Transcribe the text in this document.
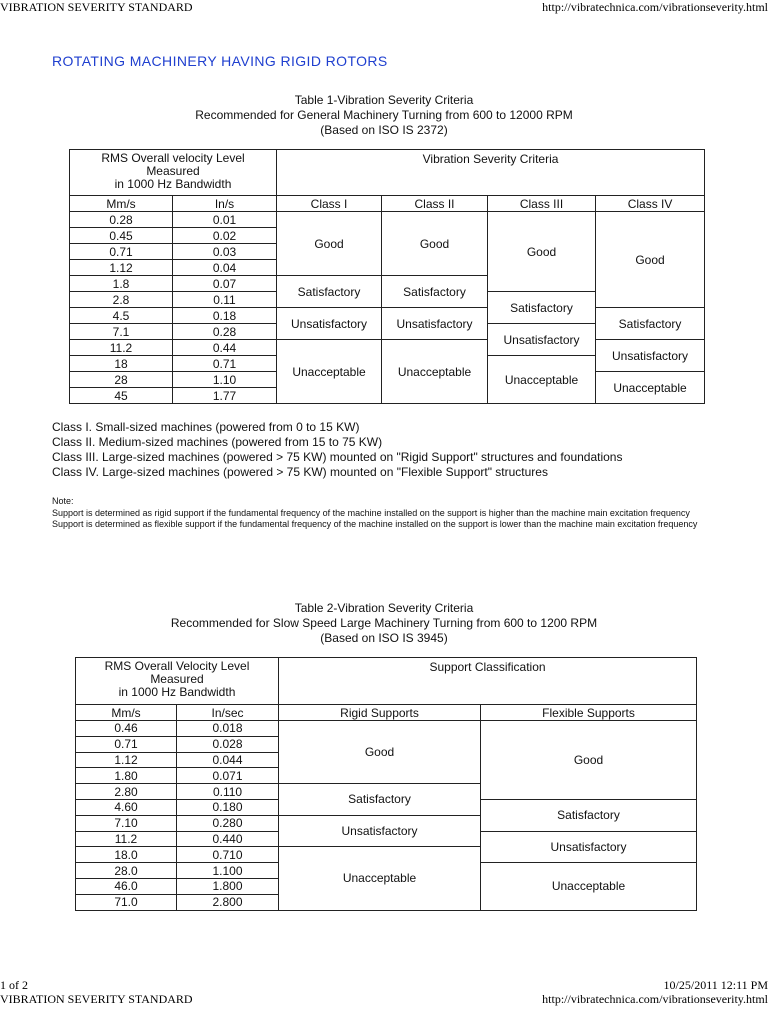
VIBRATION SEVERITY STANDARD	http://vibratechnica.com/vibrationseverity.html
ROTATING MACHINERY HAVING RIGID ROTORS
Table 1-Vibration Severity Criteria
Recommended for General Machinery Turning from 600 to 12000 RPM
(Based on ISO IS 2372)
RMS Overall velocity Level
Measured
in 1000 Hz Bandwidth		Vibration Severity Criteria			
Mm/s	In/s	Class I	Class II	Class III	Class IV
0.28	0.01	Good	Good	Good	Good
0.45	0.02				
0.71	0.03				
1.12	0.04				
1.8	0.07	Satisfactory	Satisfactory		
2.8	0.11			Satisfactory	
4.5	0.18	Unsatisfactory	Unsatisfactory		Satisfactory
7.1	0.28			Unsatisfactory	
11.2	0.44	Unacceptable	Unacceptable		Unsatisfactory
18	0.71			Unacceptable	
28	1.10				Unacceptable
45	1.77				
Class I. Small-sized machines (powered from 0 to 15 KW)
Class II. Medium-sized machines (powered from 15 to 75 KW)
Class III. Large-sized machines (powered > 75 KW) mounted on "Rigid Support" structures and foundations
Class IV. Large-sized machines (powered > 75 KW) mounted on "Flexible Support" structures
Note:
Support is determined as rigid support if the fundamental frequency of the machine installed on the support is higher than the machine main excitation frequency
Support is determined as flexible support if the fundamental frequency of the machine installed on the support is lower than the machine main excitation frequency
Table 2-Vibration Severity Criteria
Recommended for Slow Speed Large Machinery Turning from 600 to 1200 RPM
(Based on ISO IS 3945)
RMS Overall Velocity Level
Measured
in 1000 Hz Bandwidth		Support Classification	
Mm/s	In/sec	Rigid Supports	Flexible Supports
0.46	0.018	Good	Good
0.71	0.028		
1.12	0.044		
1.80	0.071		
2.80	0.110	Satisfactory	
4.60	0.180		Satisfactory
7.10	0.280	Unsatisfactory	
11.2	0.440		Unsatisfactory
18.0	0.710	Unacceptable	
28.0	1.100		Unacceptable
46.0	1.800		
71.0	2.800		
1 of 2	10/25/2011 12:11 PM
VIBRATION SEVERITY STANDARD	http://vibratechnica.com/vibrationseverity.html
